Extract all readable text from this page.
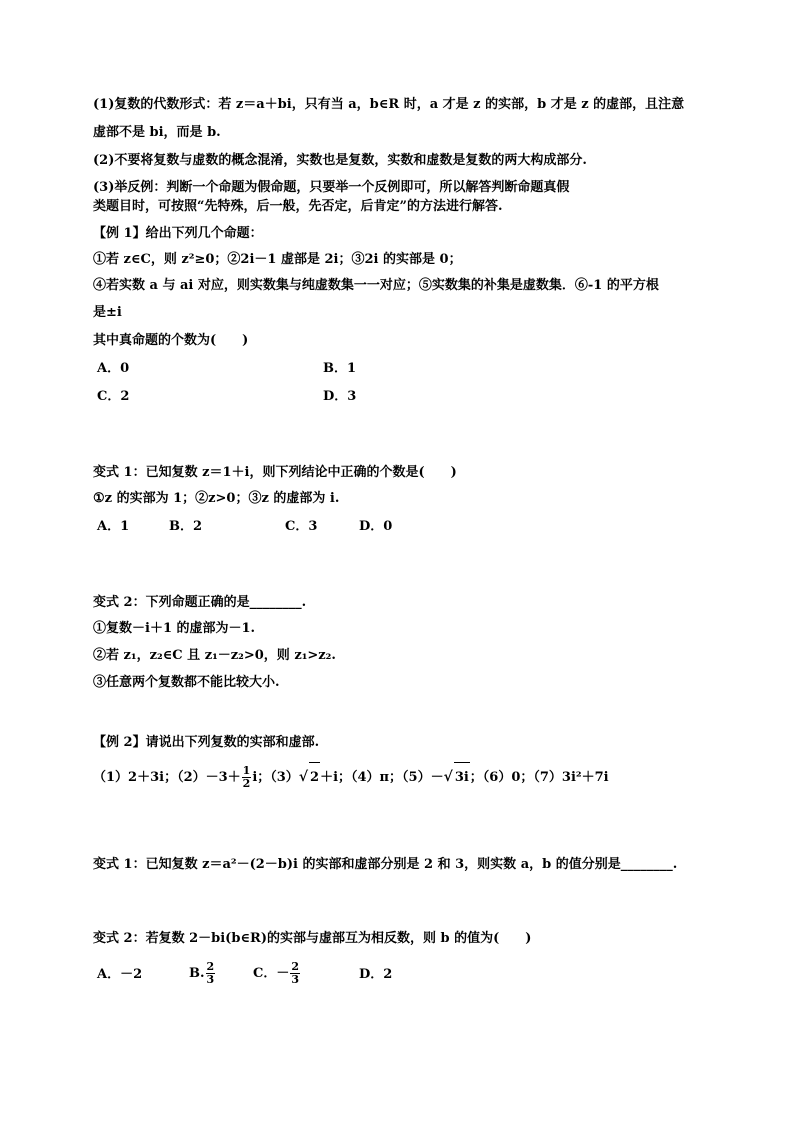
(1)复数的代数形式：若 z＝a＋bi，只有当 a，b∈R 时，a 才是 z 的实部，b 才是 z 的虚部，且注意
虚部不是 bi，而是 b.
(2)不要将复数与虚数的概念混淆，实数也是复数，实数和虚数是复数的两大构成部分.
(3)举反例：判断一个命题为假命题，只要举一个反例即可，所以解答判断命题真假
类题目时，可按照“先特殊，后一般，先否定，后肯定”的方法进行解答.
【例 1】给出下列几个命题：
①若 z∈C，则 z²≥0；②2i－1 虚部是 2i；③2i 的实部是 0；
④若实数 a 与 ai 对应，则实数集与纯虚数集一一对应；⑤实数集的补集是虚数集．⑥-1 的平方根
是±i
其中真命题的个数为(　　)
A．0	B．1
C．2	D．3
变式 1：已知复数 z＝1＋i，则下列结论中正确的个数是(　　)
①z 的实部为 1；②z>0；③z 的虚部为 i.
A．1	B．2	C．3	D．0
变式 2：下列命题正确的是________.
①复数－i＋1 的虚部为－1.
②若 z₁，z₂∈C 且 z₁－z₂>0，则 z₁>z₂.
③任意两个复数都不能比较大小.
【例 2】请说出下列复数的实部和虚部.
（1）2＋3i；$(2)-3+ \frac{1}{2}$ i；（3）√ 2＋i；（4）π；（5）－√ 3i；（6）0；（7）3i²＋7i
变式 1：已知复数 z＝a²－(2－b)i 的实部和虚部分别是 2 和 3，则实数 a，b 的值分别是________.
变式 2：若复数 2－bi(b∈R)的实部与虚部互为相反数，则 b 的值为(　　)
A．－2	B. $\frac{2}{3}$	C．－ $\frac{2}{3}$	D．2
